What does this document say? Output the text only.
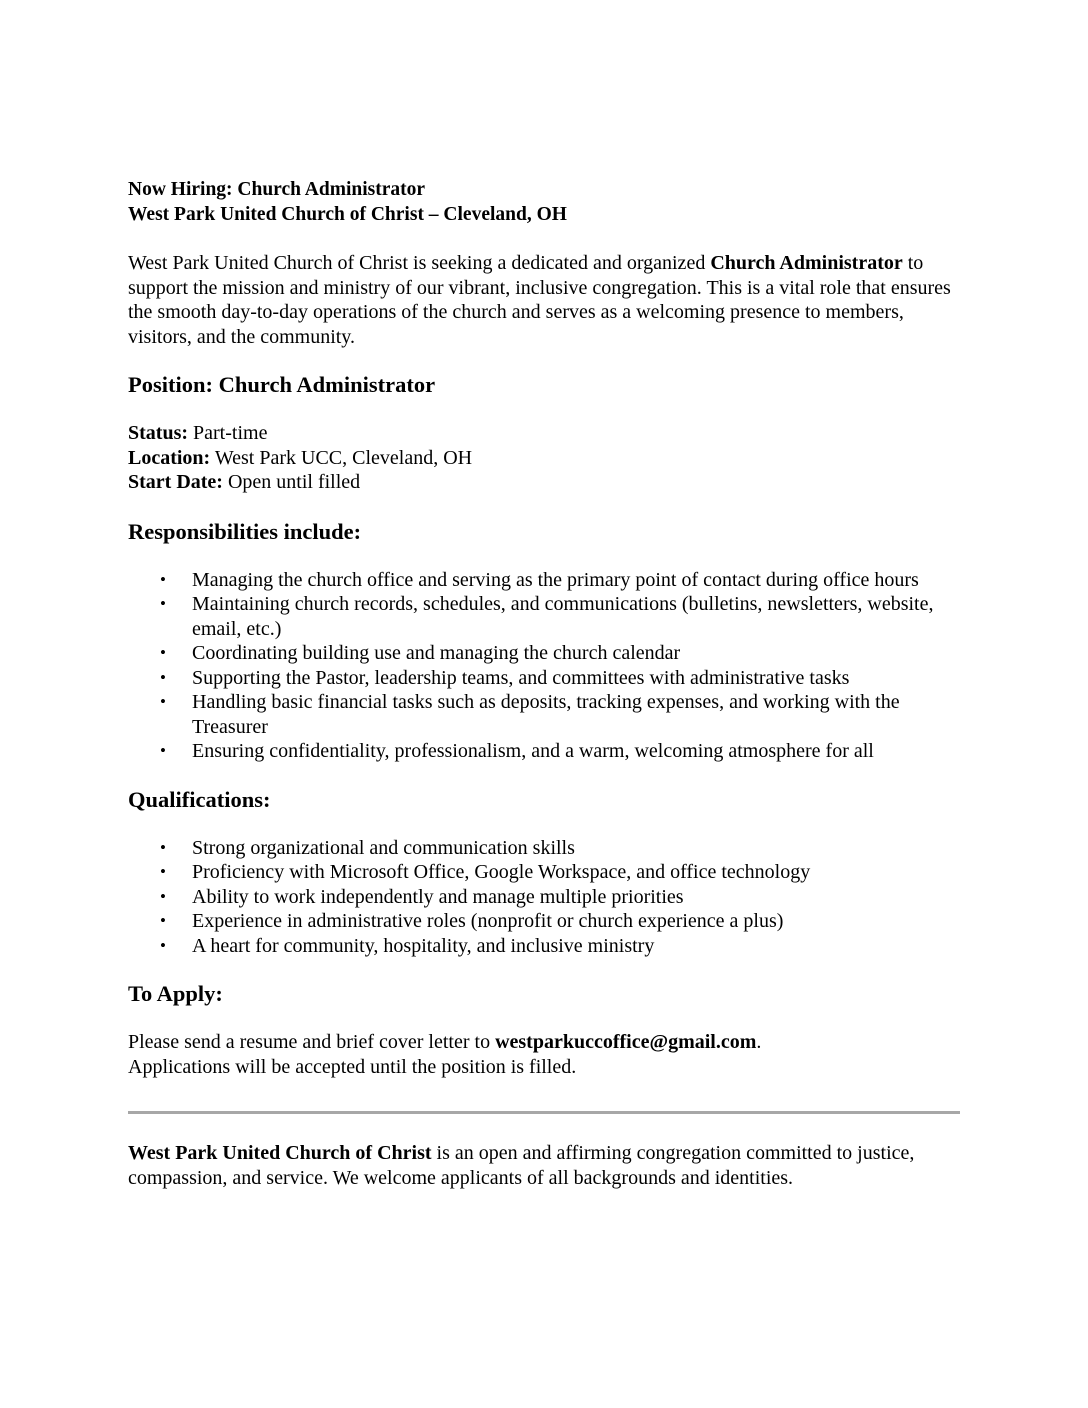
Now Hiring: Church Administrator

West Park United Church of Christ – Cleveland, OH

West Park United Church of Christ is seeking a dedicated and organized Church Administrator to support the mission and ministry of our vibrant, inclusive congregation. This is a vital role that ensures the smooth day-to-day operations of the church and serves as a welcoming presence to members, visitors, and the community.

Position: Church Administrator

Status: Part-time

Location: West Park UCC, Cleveland, OH

Start Date: Open until filled

Responsibilities include:
• Managing the church office and serving as the primary point of contact during office hours
• Maintaining church records, schedules, and communications (bulletins, newsletters, website, email, etc.)
• Coordinating building use and managing the church calendar
• Supporting the Pastor, leadership teams, and committees with administrative tasks
• Handling basic financial tasks such as deposits, tracking expenses, and working with the Treasurer
• Ensuring confidentiality, professionalism, and a warm, welcoming atmosphere for all
Qualifications:
• Strong organizational and communication skills
• Proficiency with Microsoft Office, Google Workspace, and office technology
• Ability to work independently and manage multiple priorities
• Experience in administrative roles (nonprofit or church experience a plus)
• A heart for community, hospitality, and inclusive ministry
To Apply:

Please send a resume and brief cover letter to westparkuccoffice@gmail.com.

Applications will be accepted until the position is filled.

West Park United Church of Christ is an open and affirming congregation committed to justice, compassion, and service. We welcome applicants of all backgrounds and identities.
